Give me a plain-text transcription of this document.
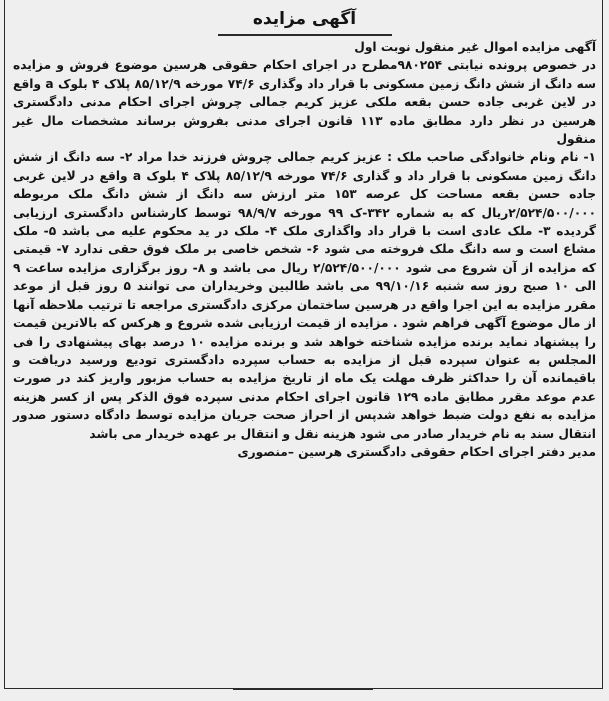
آگهی مزایده

آگهی مزایده اموال غیر منقول نوبت اول

در خصوص پرونده نیابتی ۹۸۰۲۵۴مطرح در اجرای احکام حقوقی هرسین موضوع فروش و مزایده سه دانگ از شش دانگ زمین مسکونی با قرار داد وگذاری ۷۴/۶ مورخه ۸۵/۱۲/۹ پلاک ۴ بلوک a واقع در لاین غربی جاده حسن بقعه ملکی عزیز کریم جمالی چروش اجرای احکام مدنی دادگستری هرسین در نظر دارد مطابق ماده ۱۱۳ قانون اجرای مدنی بفروش برساند مشخصات مال غیر منقول

۱- نام ونام خانوادگی صاحب ملک : عزیز کریم جمالی چروش فرزند خدا مراد ۲- سه دانگ از شش دانگ زمین مسکونی با قرار داد و گذاری ۷۴/۶ مورخه ۸۵/۱۲/۹ پلاک ۴ بلوک a واقع در لاین غربی جاده حسن بقعه مساحت کل عرصه ۱۵۳ متر ارزش سه دانگ از شش دانگ ملک مربوطه ۲/۵۲۴/۵۰۰/۰۰۰ریال که به شماره ۳۴۲-ک ۹۹ مورخه ۹۸/۹/۷ توسط کارشناس دادگستری ارزیابی گردیده ۳- ملک عادی است با قرار داد واگذاری ملک ۴- ملک در ید محکوم علیه می باشد ۵- ملک مشاع است و سه دانگ ملک فروخته می شود ۶- شخص خاصی بر ملک فوق حقی ندارد ۷- قیمتی که مزایده از آن شروع می شود ۲/۵۲۴/۵۰۰/۰۰۰ ریال می باشد و ۸- روز برگزاری مزایده ساعت ۹ الی ۱۰ صبح روز سه شنبه ۹۹/۱۰/۱۶ می باشد طالبین وخریداران می توانند ۵ روز قبل از موعد مقرر مزایده به این اجرا واقع در هرسین ساختمان مرکزی دادگستری مراجعه تا ترتیب ملاحظه آنها از مال موضوع آگهی فراهم شود . مزایده از قیمت ارزیابی شده شروع و هرکس که بالاترین قیمت را پیشنهاد نماید برنده مزایده شناخته خواهد شد و برنده مزایده ۱۰ درصد بهای پیشنهادی را فی المجلس به عنوان سپرده قبل از مزایده به حساب سپرده دادگستری تودیع ورسید دریافت و باقیمانده آن را حداکثر ظرف مهلت یک ماه از تاریخ مزایده به حساب مزبور واریز کند در صورت عدم موعد مقرر مطابق ماده ۱۲۹ قانون اجرای احکام مدنی سپرده فوق الذکر پس از کسر هزینه مزایده به نفع دولت ضبط خواهد شدپس از احراز صحت جریان مزایده توسط دادگاه دستور صدور انتقال سند به نام خریدار صادر می شود هزینه نقل و انتقال بر عهده خریدار می باشد

مدیر دفتر اجرای احکام حقوقی دادگستری هرسین –منصوری
